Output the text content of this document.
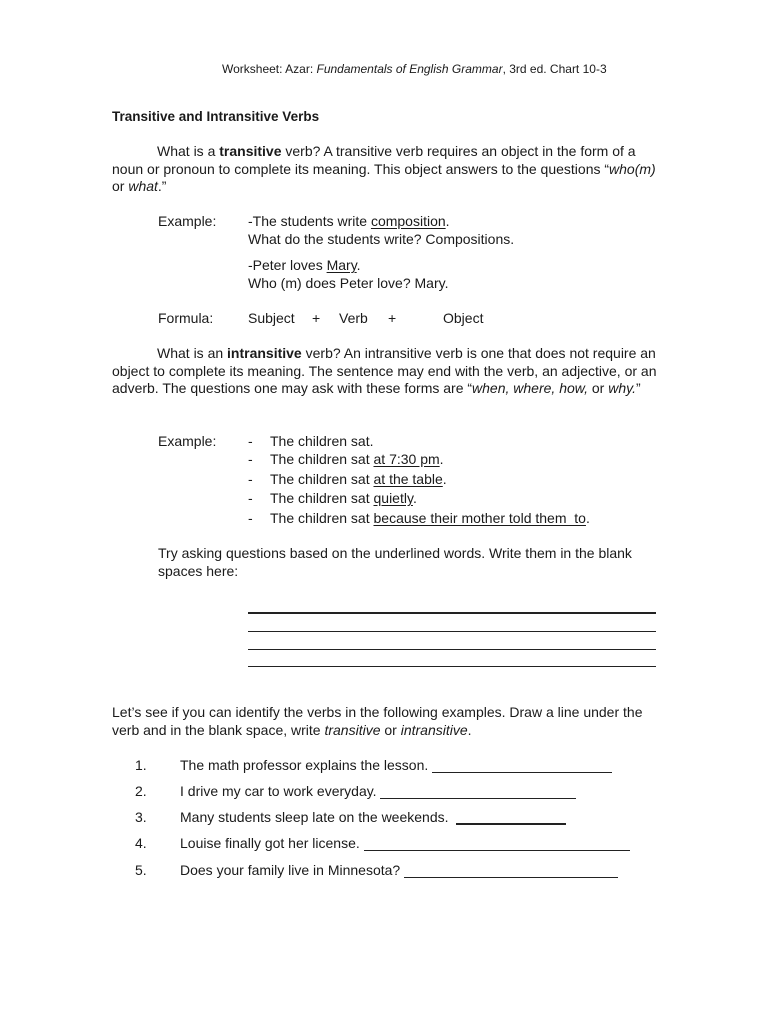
Worksheet: Azar: Fundamentals of English Grammar, 3rd ed. Chart 10-3
Transitive and Intransitive Verbs
What is a transitive verb? A transitive verb requires an object in the form of a noun or pronoun to complete its meaning. This object answers to the questions “who(m) or what.”
Example: -The students write composition.
What do the students write? Compositions.
-Peter loves Mary.
Who (m) does Peter love? Mary.
Formula: Subject + Verb +	Object
What is an intransitive verb? An intransitive verb is one that does not require an object to complete its meaning. The sentence may end with the verb, an adjective, or an adverb. The questions one may ask with these forms are “when, where, how, or why.”
Example: - The children sat.
- The children sat at 7:30 pm.
- The children sat at the table.
- The children sat quietly.
- The children sat because their mother told them  to.
Try asking questions based on the underlined words. Write them in the blank spaces here:
Let’s see if you can identify the verbs in the following examples. Draw a line under the verb and in the blank space, write transitive or intransitive.
1. The math professor explains the lesson.
2. I drive my car to work everyday.
3. Many students sleep late on the weekends.
4. Louise finally got her license.
5. Does your family live in Minnesota?
